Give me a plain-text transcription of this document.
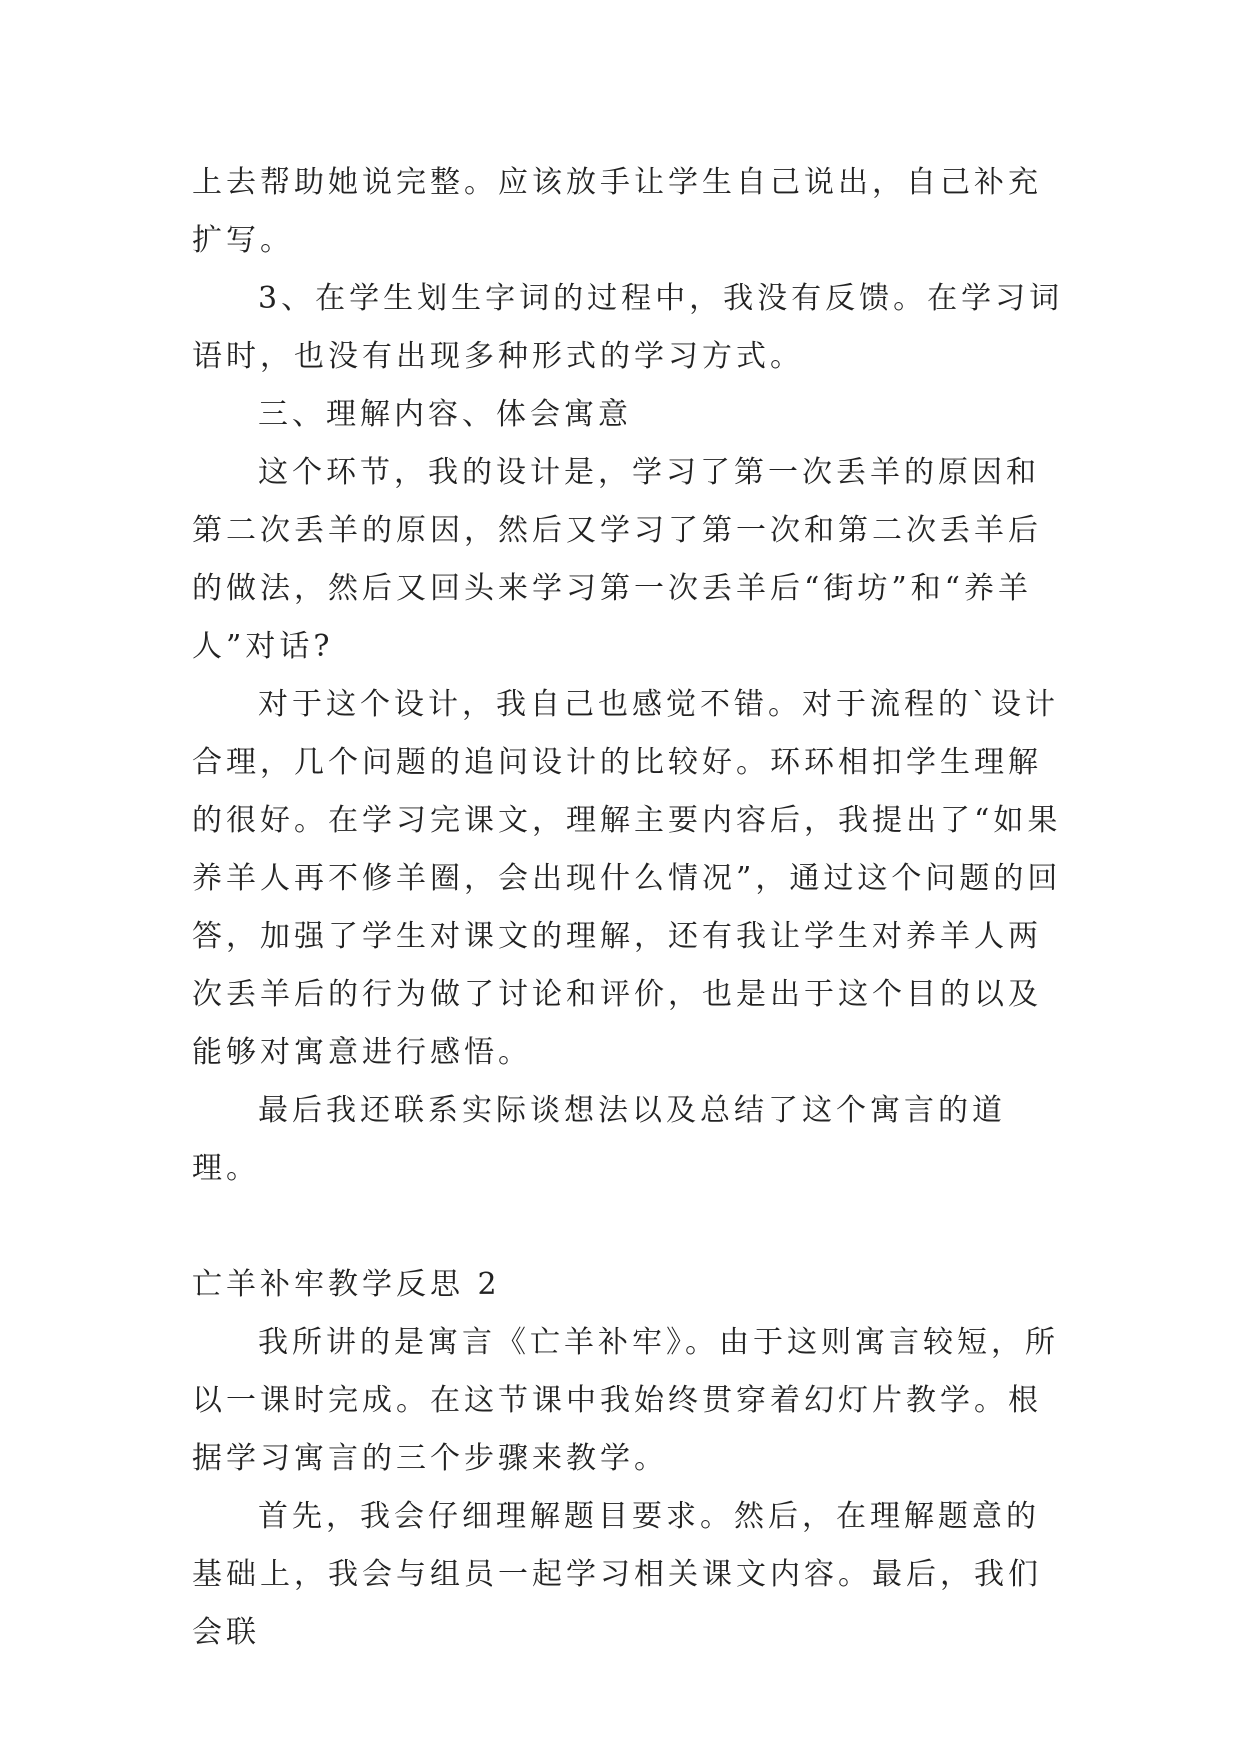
上去帮助她说完整。应该放手让学生自己说出，自己补充扩写。

3、在学生划生字词的过程中，我没有反馈。在学习词语时，也没有出现多种形式的学习方式。

三、理解内容、体会寓意

这个环节，我的设计是，学习了第一次丢羊的原因和第二次丢羊的原因，然后又学习了第一次和第二次丢羊后的做法，然后又回头来学习第一次丢羊后“街坊”和“养羊人”对话?

对于这个设计，我自己也感觉不错。对于流程的`设计合理，几个问题的追问设计的比较好。环环相扣学生理解的很好。在学习完课文，理解主要内容后，我提出了“如果养羊人再不修羊圈，会出现什么情况”，通过这个问题的回答，加强了学生对课文的理解，还有我让学生对养羊人两次丢羊后的行为做了讨论和评价，也是出于这个目的以及能够对寓意进行感悟。

最后我还联系实际谈想法以及总结了这个寓言的道理。

亡羊补牢教学反思 2

我所讲的是寓言《亡羊补牢》。由于这则寓言较短，所以一课时完成。在这节课中我始终贯穿着幻灯片教学。根据学习寓言的三个步骤来教学。

首先，我会仔细理解题目要求。然后，在理解题意的基础上，我会与组员一起学习相关课文内容。最后，我们会联
